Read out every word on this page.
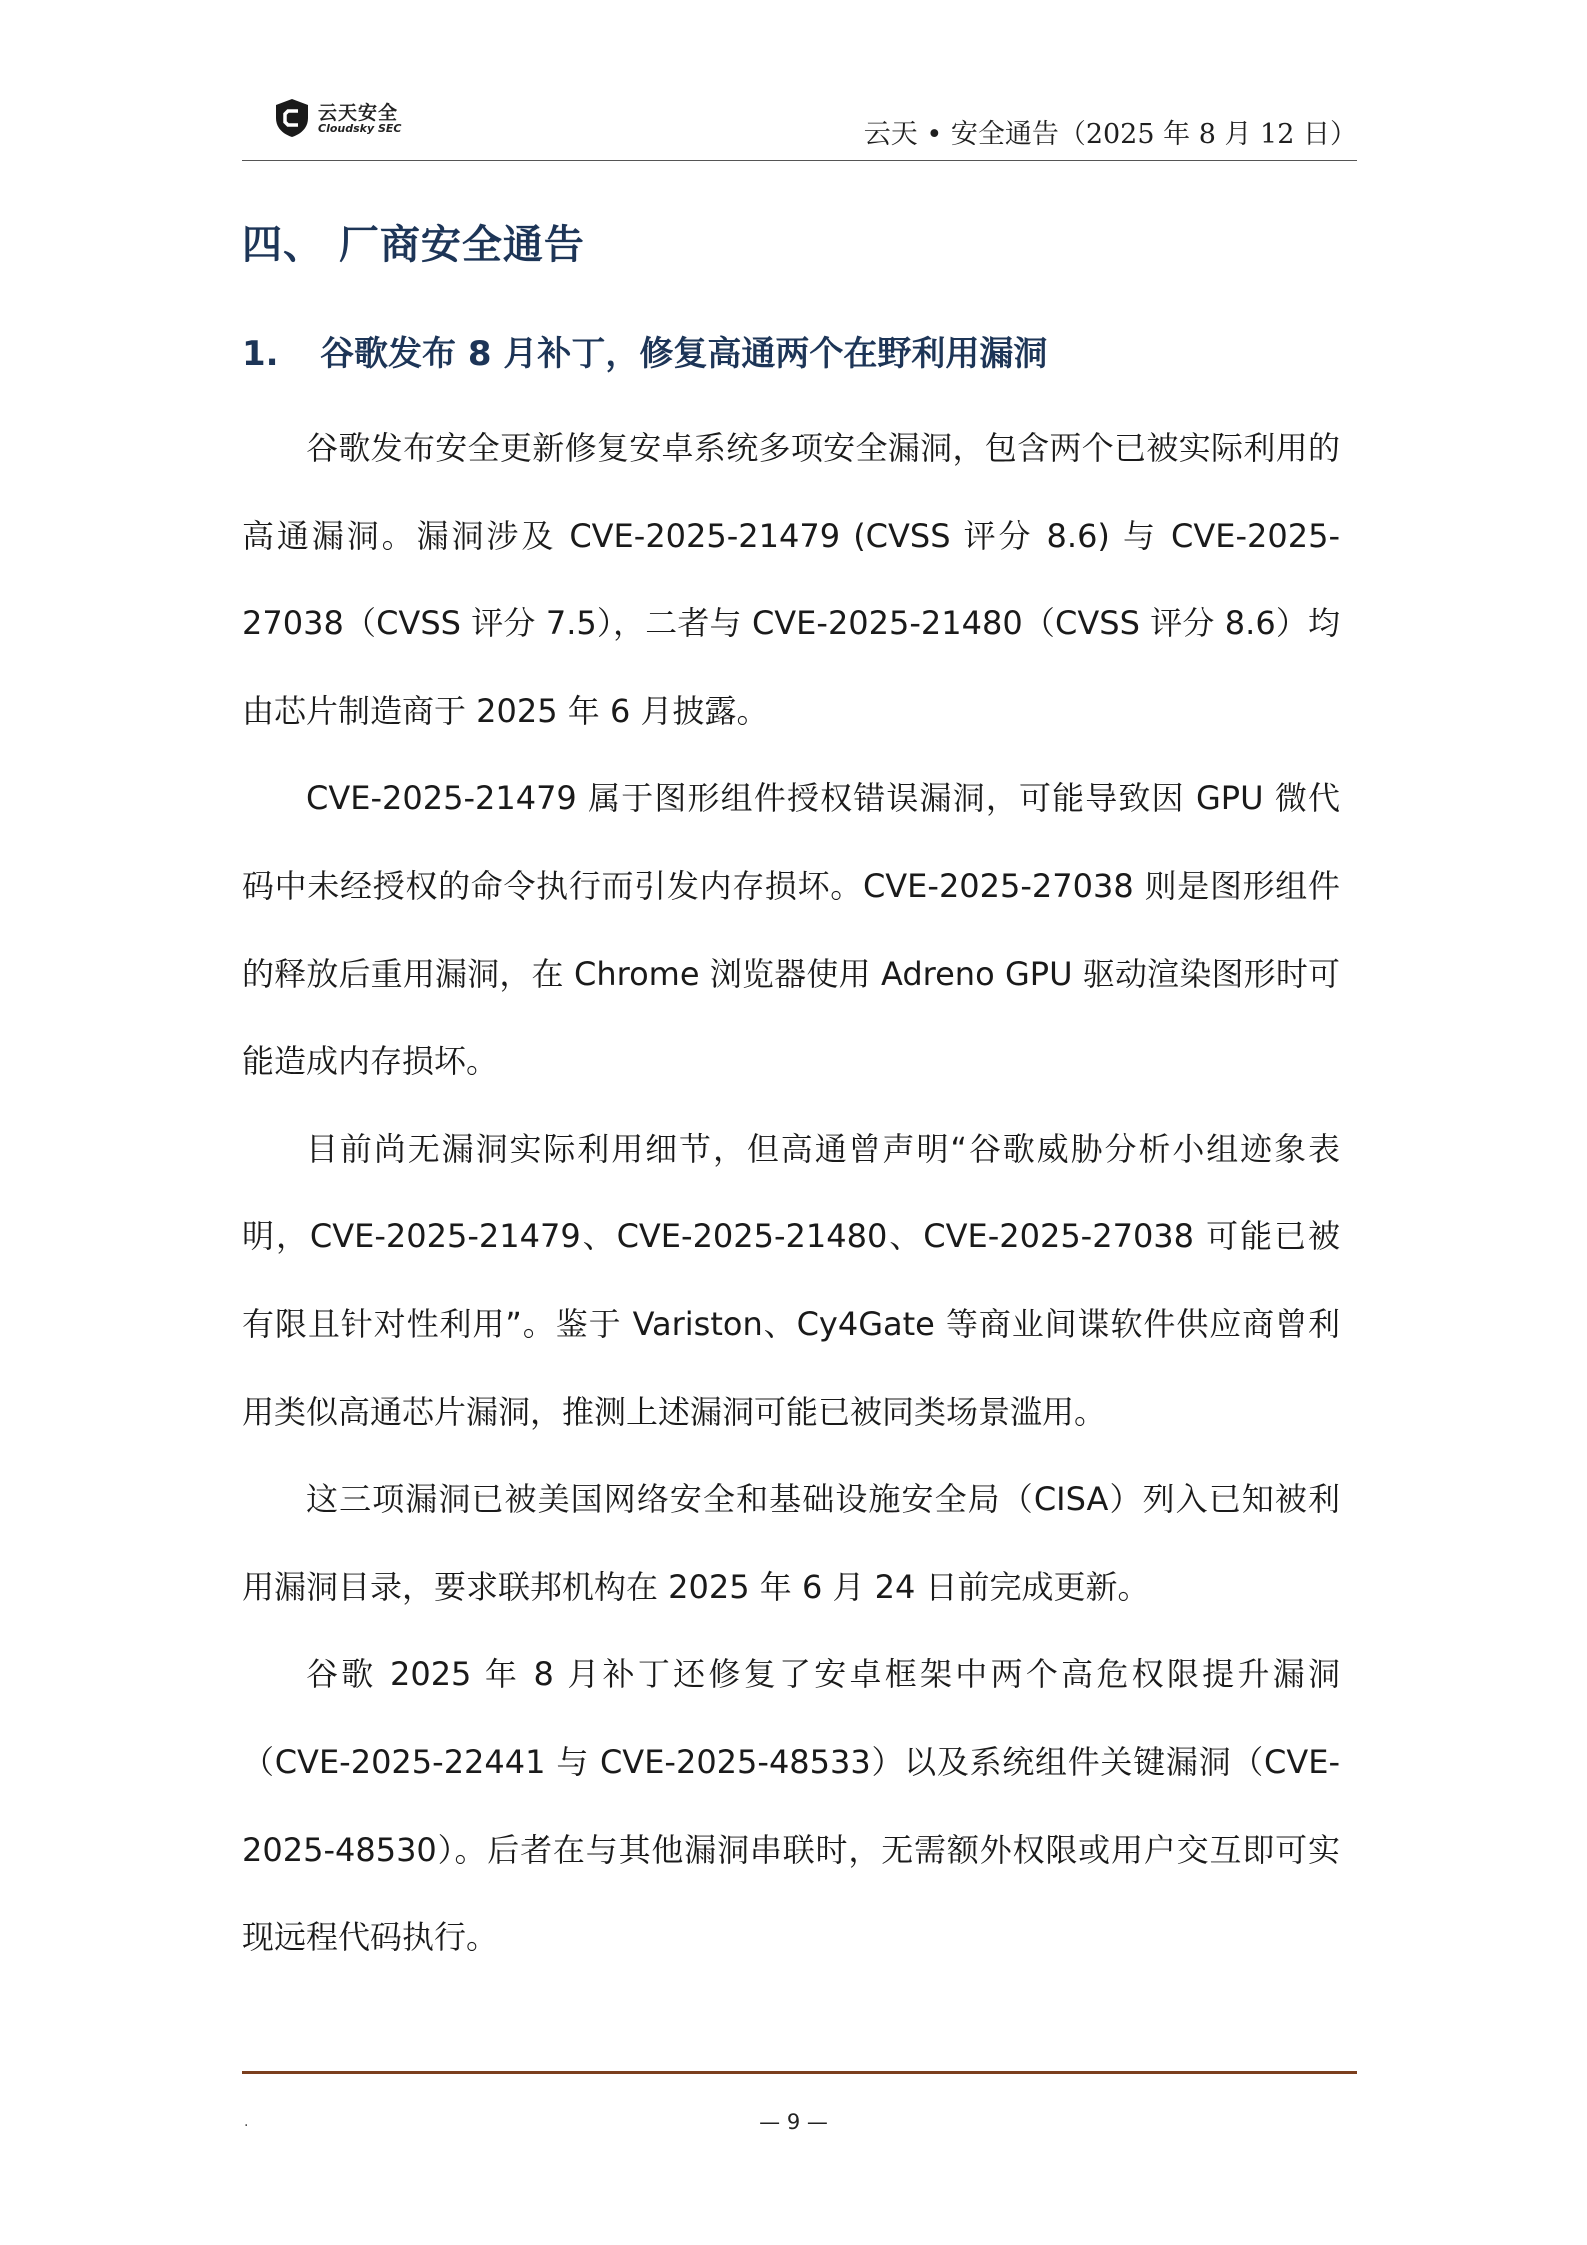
云天安全
Cloudsky SEC	云天 • 安全通告（2025 年 8 月 12 日）
四、 厂商安全通告
1. 谷歌发布 8 月补丁，修复高通两个在野利用漏洞

谷歌发布安全更新修复安卓系统多项安全漏洞，包含两个已被实际利用的高通漏洞。漏洞涉及 CVE-2025-21479 (CVSS 评分 8.6) 与 CVE-2025-27038（CVSS 评分 7.5），二者与 CVE-2025-21480（CVSS 评分 8.6）均由芯片制造商于 2025 年 6 月披露。

CVE-2025-21479 属于图形组件授权错误漏洞，可能导致因 GPU 微代码中未经授权的命令执行而引发内存损坏。CVE-2025-27038 则是图形组件的释放后重用漏洞，在 Chrome 浏览器使用 Adreno GPU 驱动渲染图形时可能造成内存损坏。

目前尚无漏洞实际利用细节，但高通曾声明“谷歌威胁分析小组迹象表明，CVE-2025-21479、CVE-2025-21480、CVE-2025-27038 可能已被有限且针对性利用”。鉴于 Variston、Cy4Gate 等商业间谍软件供应商曾利用类似高通芯片漏洞，推测上述漏洞可能已被同类场景滥用。

这三项漏洞已被美国网络安全和基础设施安全局（CISA）列入已知被利用漏洞目录，要求联邦机构在 2025 年 6 月 24 日前完成更新。

谷歌 2025 年 8 月补丁还修复了安卓框架中两个高危权限提升漏洞（CVE-2025-22441 与 CVE-2025-48533）以及系统组件关键漏洞（CVE-2025-48530）。后者在与其他漏洞串联时，无需额外权限或用户交互即可实现远程代码执行。

.	— 9 —
